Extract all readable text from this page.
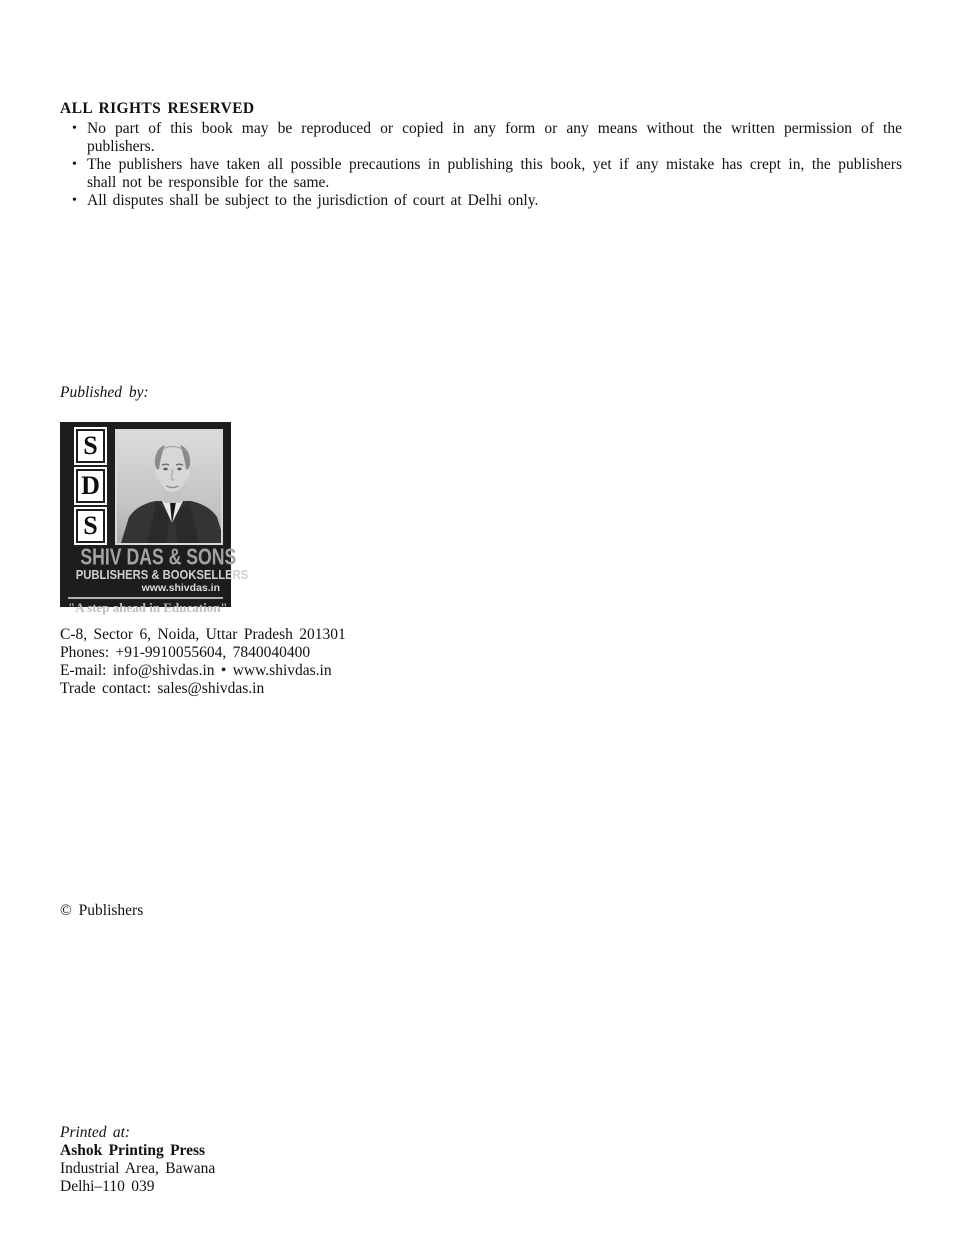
ALL RIGHTS RESERVED
• No part of this book may be reproduced or copied in any form or any means without the written permission of the publishers.
• The publishers have taken all possible precautions in publishing this book, yet if any mistake has crept in, the publishers shall not be responsible for the same.
• All disputes shall be subject to the jurisdiction of court at Delhi only.
Published by:
S
D
S
SHIV DAS & SONS
PUBLISHERS & BOOKSELLERS
www.shivdas.in
"A step ahead in Education"
C-8, Sector 6, Noida, Uttar Pradesh 201301
Phones: +91-9910055604, 7840040400
E-mail: info@shivdas.in • www.shivdas.in
Trade contact: sales@shivdas.in
© Publishers
Printed at:
Ashok Printing Press
Industrial Area, Bawana
Delhi–110 039
